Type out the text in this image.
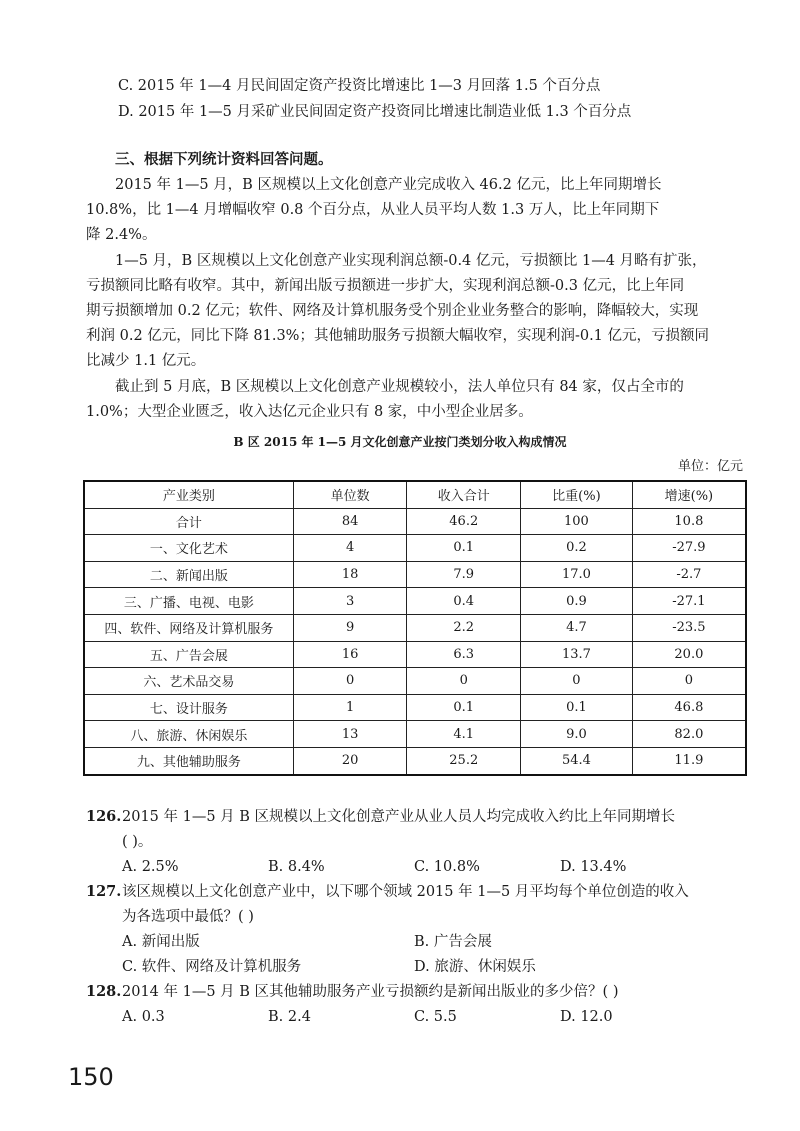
C. 2015 年 1—4 月民间固定资产投资比增速比 1—3 月回落 1.5 个百分点
D. 2015 年 1—5 月采矿业民间固定资产投资同比增速比制造业低 1.3 个百分点
三、根据下列统计资料回答问题。
2015 年 1—5 月，B 区规模以上文化创意产业完成收入 46.2 亿元，比上年同期增长
10.8%，比 1—4 月增幅收窄 0.8 个百分点，从业人员平均人数 1.3 万人，比上年同期下
降 2.4%。
1—5 月，B 区规模以上文化创意产业实现利润总额-0.4 亿元，亏损额比 1—4 月略有扩张，
亏损额同比略有收窄。其中，新闻出版亏损额进一步扩大，实现利润总额-0.3 亿元，比上年同
期亏损额增加 0.2 亿元；软件、网络及计算机服务受个别企业业务整合的影响，降幅较大，实现
利润 0.2 亿元，同比下降 81.3%；其他辅助服务亏损额大幅收窄，实现利润-0.1 亿元，亏损额同
比减少 1.1 亿元。
截止到 5 月底，B 区规模以上文化创意产业规模较小，法人单位只有 84 家，仅占全市的
1.0%；大型企业匮乏，收入达亿元企业只有 8 家，中小型企业居多。
B 区 2015 年 1—5 月文化创意产业按门类划分收入构成情况
单位：亿元
产业类别	单位数	收入合计	比重(%)	增速(%)
合计	84	46.2	100	10.8
一、文化艺术	4	0.1	0.2	-27.9
二、新闻出版	18	7.9	17.0	-2.7
三、广播、电视、电影	3	0.4	0.9	-27.1
四、软件、网络及计算机服务	9	2.2	4.7	-23.5
五、广告会展	16	6.3	13.7	20.0
六、艺术品交易	0	0	0	0
七、设计服务	1	0.1	0.1	46.8
八、旅游、休闲娱乐	13	4.1	9.0	82.0
九、其他辅助服务	20	25.2	54.4	11.9
126. 2015 年 1—5 月 B 区规模以上文化创意产业从业人员人均完成收入约比上年同期增长
( )。
A. 2.5%	B. 8.4%	C. 10.8%	D. 13.4%
127. 该区规模以上文化创意产业中，以下哪个领域 2015 年 1—5 月平均每个单位创造的收入
为各选项中最低？( )
A. 新闻出版	B. 广告会展
C. 软件、网络及计算机服务	D. 旅游、休闲娱乐
128. 2014 年 1—5 月 B 区其他辅助服务产业亏损额约是新闻出版业的多少倍？( )
A. 0.3	B. 2.4	C. 5.5	D. 12.0
150
